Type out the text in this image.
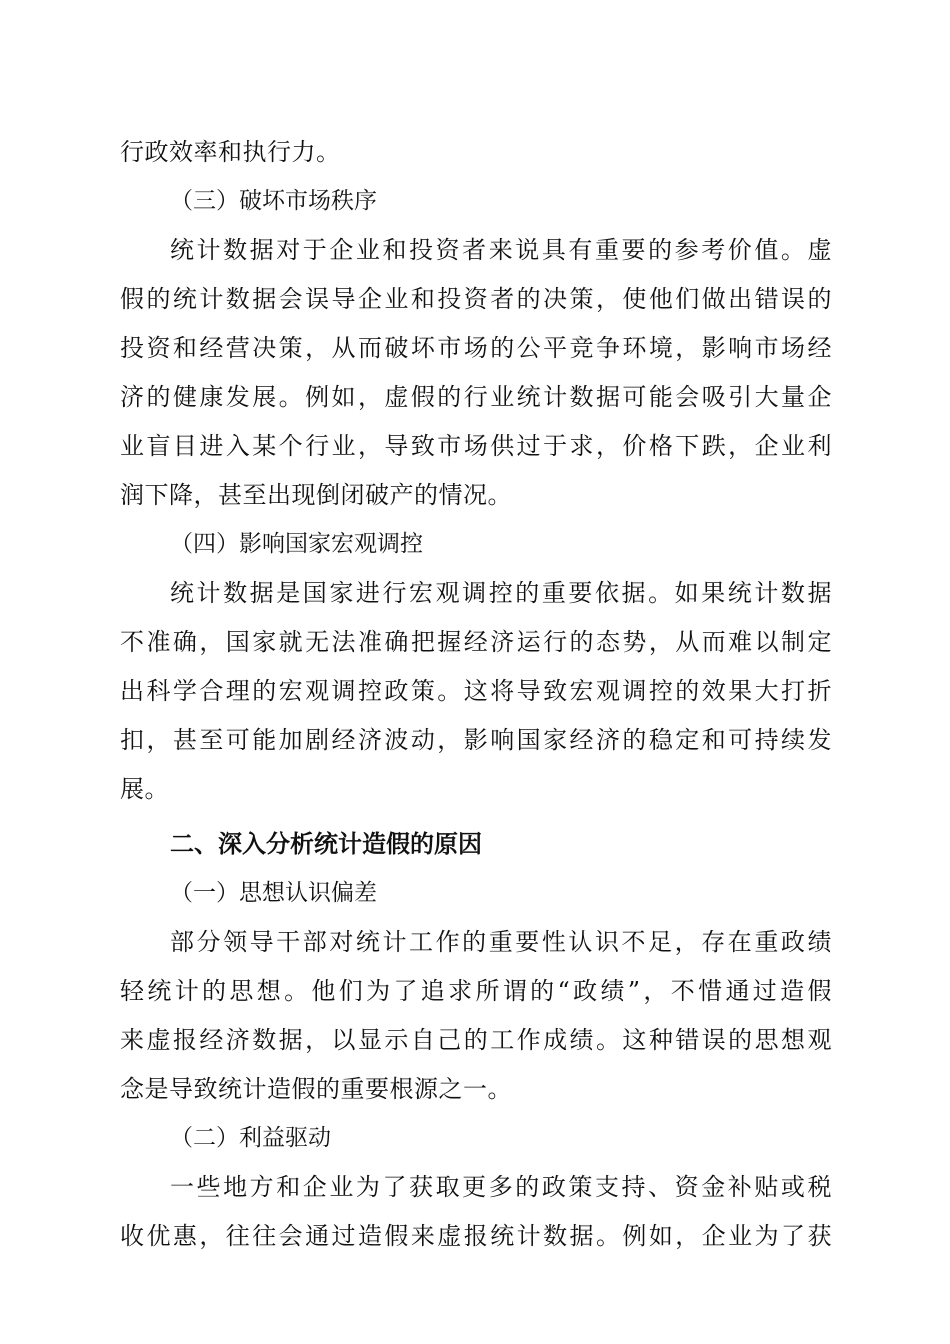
行政效率和执行力。
（三）破坏市场秩序
统计数据对于企业和投资者来说具有重要的参考价值。虚
假的统计数据会误导企业和投资者的决策，使他们做出错误的
投资和经营决策，从而破坏市场的公平竞争环境，影响市场经
济的健康发展。例如，虚假的行业统计数据可能会吸引大量企
业盲目进入某个行业，导致市场供过于求，价格下跌，企业利
润下降，甚至出现倒闭破产的情况。
（四）影响国家宏观调控
统计数据是国家进行宏观调控的重要依据。如果统计数据
不准确，国家就无法准确把握经济运行的态势，从而难以制定
出科学合理的宏观调控政策。这将导致宏观调控的效果大打折
扣，甚至可能加剧经济波动，影响国家经济的稳定和可持续发
展。
二、深入分析统计造假的原因
（一）思想认识偏差
部分领导干部对统计工作的重要性认识不足，存在重政绩
轻统计的思想。他们为了追求所谓的“政绩”，不惜通过造假
来虚报经济数据，以显示自己的工作成绩。这种错误的思想观
念是导致统计造假的重要根源之一。
（二）利益驱动
一些地方和企业为了获取更多的政策支持、资金补贴或税
收优惠，往往会通过造假来虚报统计数据。例如，企业为了获
